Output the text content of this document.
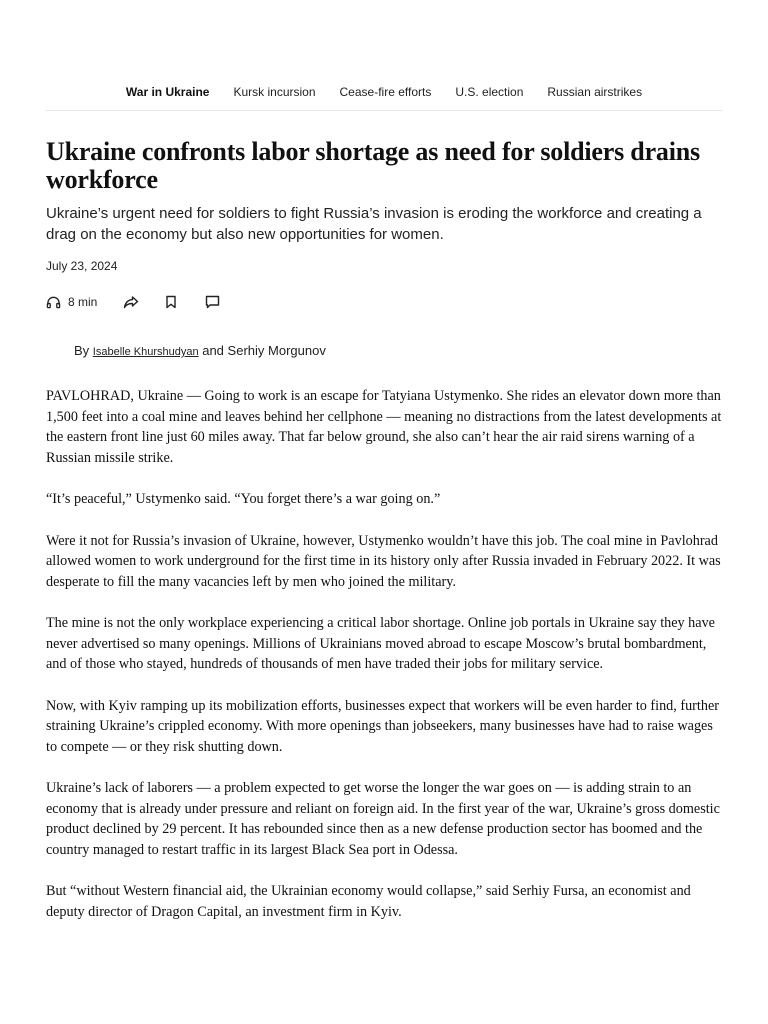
War in Ukraine Kursk incursion Cease-fire efforts U.S. election Russian airstrikes
Ukraine confronts labor shortage as need for soldiers drains workforce

Ukraine’s urgent need for soldiers to fight Russia’s invasion is eroding the workforce and creating a drag on the economy but also new opportunities for women.

July 23, 2024
8 min
By Isabelle Khurshudyan and Serhiy Morgunov

PAVLOHRAD, Ukraine — Going to work is an escape for Tatyiana Ustymenko. She rides an elevator down more than 1,500 feet into a coal mine and leaves behind her cellphone — meaning no distractions from the latest developments at the eastern front line just 60 miles away. That far below ground, she also can’t hear the air raid sirens warning of a Russian missile strike.

“It’s peaceful,” Ustymenko said. “You forget there’s a war going on.”

Were it not for Russia’s invasion of Ukraine, however, Ustymenko wouldn’t have this job. The coal mine in Pavlohrad allowed women to work underground for the first time in its history only after Russia invaded in February 2022. It was desperate to fill the many vacancies left by men who joined the military.

The mine is not the only workplace experiencing a critical labor shortage. Online job portals in Ukraine say they have never advertised so many openings. Millions of Ukrainians moved abroad to escape Moscow’s brutal bombardment, and of those who stayed, hundreds of thousands of men have traded their jobs for military service.

Now, with Kyiv ramping up its mobilization efforts, businesses expect that workers will be even harder to find, further straining Ukraine’s crippled economy. With more openings than jobseekers, many businesses have had to raise wages to compete — or they risk shutting down.

Ukraine’s lack of laborers — a problem expected to get worse the longer the war goes on — is adding strain to an economy that is already under pressure and reliant on foreign aid. In the first year of the war, Ukraine’s gross domestic product declined by 29 percent. It has rebounded since then as a new defense production sector has boomed and the country managed to restart traffic in its largest Black Sea port in Odessa.

But “without Western financial aid, the Ukrainian economy would collapse,” said Serhiy Fursa, an economist and deputy director of Dragon Capital, an investment firm in Kyiv.
